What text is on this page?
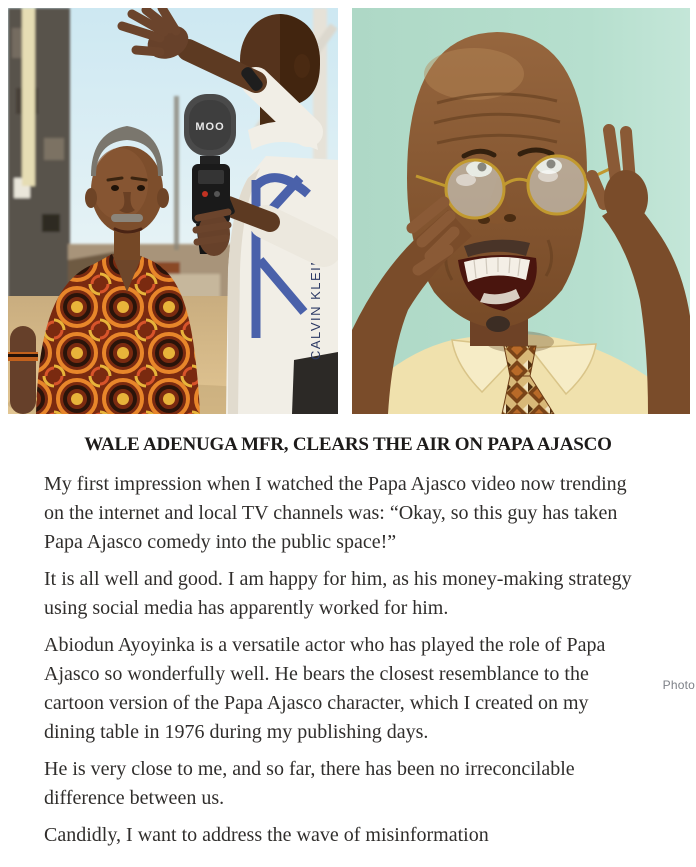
CALVIN KLEIN
MOO
WALE ADENUGA MFR, CLEARS THE AIR ON PAPA AJASCO

My first impression when I watched the Papa Ajasco video now trending on the internet and local TV channels was: “Okay, so this guy has taken Papa Ajasco comedy into the public space!”

It is all well and good. I am happy for him, as his money-making strategy using social media has apparently worked for him.

Abiodun Ayoyinka is a versatile actor who has played the role of Papa Ajasco so wonderfully well. He bears the closest resemblance to the cartoon version of the Papa Ajasco character, which I created on my dining table in 1976 during my publishing days.

He is very close to me, and so far, there has been no irreconcilable difference between us.

Candidly, I want to address the wave of misinformation

Photo
